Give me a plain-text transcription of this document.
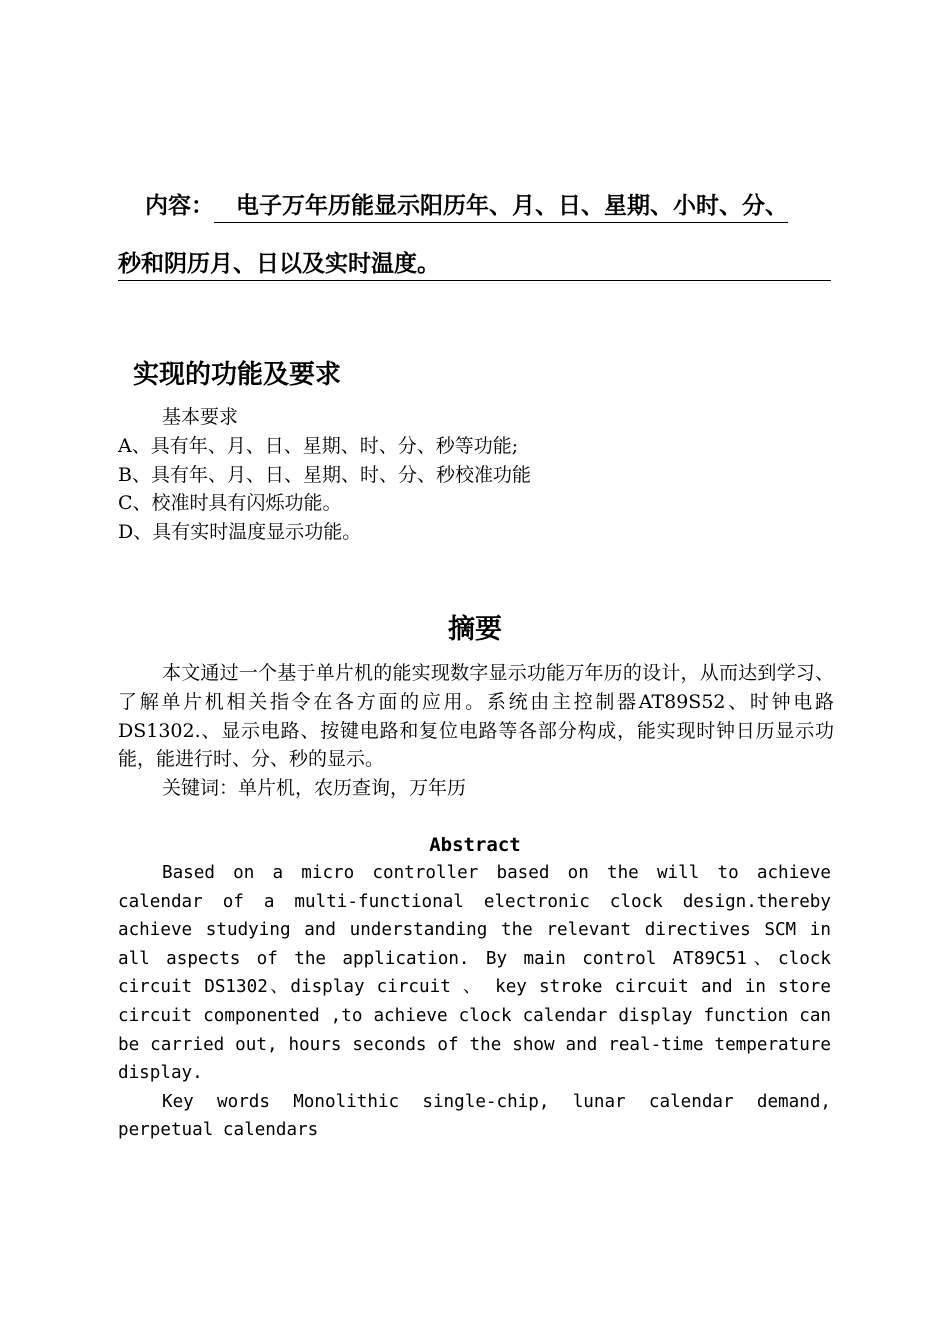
内容： 电子万年历能显示阳历年、月、日、星期、小时、分、
秒和阴历月、日以及实时温度。
实现的功能及要求
基本要求
A、具有年、月、日、星期、时、分、秒等功能;
B、具有年、月、日、星期、时、分、秒校准功能
C、校准时具有闪烁功能。
D、具有实时温度显示功能。
摘要

本文通过一个基于单片机的能实现数字显示功能万年历的设计，从而达到学习、了解单片机相关指令在各方面的应用。系统由主控制器AT89S52、时钟电路DS1302.、显示电路、按键电路和复位电路等各部分构成，能实现时钟日历显示功能，能进行时、分、秒的显示。

关键词：单片机，农历查询，万年历

Abstract

Based on a micro controller based on the will to achieve calendar of a multi-functional electronic clock design.thereby achieve studying and understanding the relevant directives SCM in all aspects of the application. By main control AT89C51、clock circuit DS1302、display circuit 、 key stroke circuit and in store circuit componented ,to achieve clock calendar display function can be carried out, hours seconds of the show and real-time temperature display.

Key words Monolithic single-chip, lunar calendar demand, perpetual calendars
